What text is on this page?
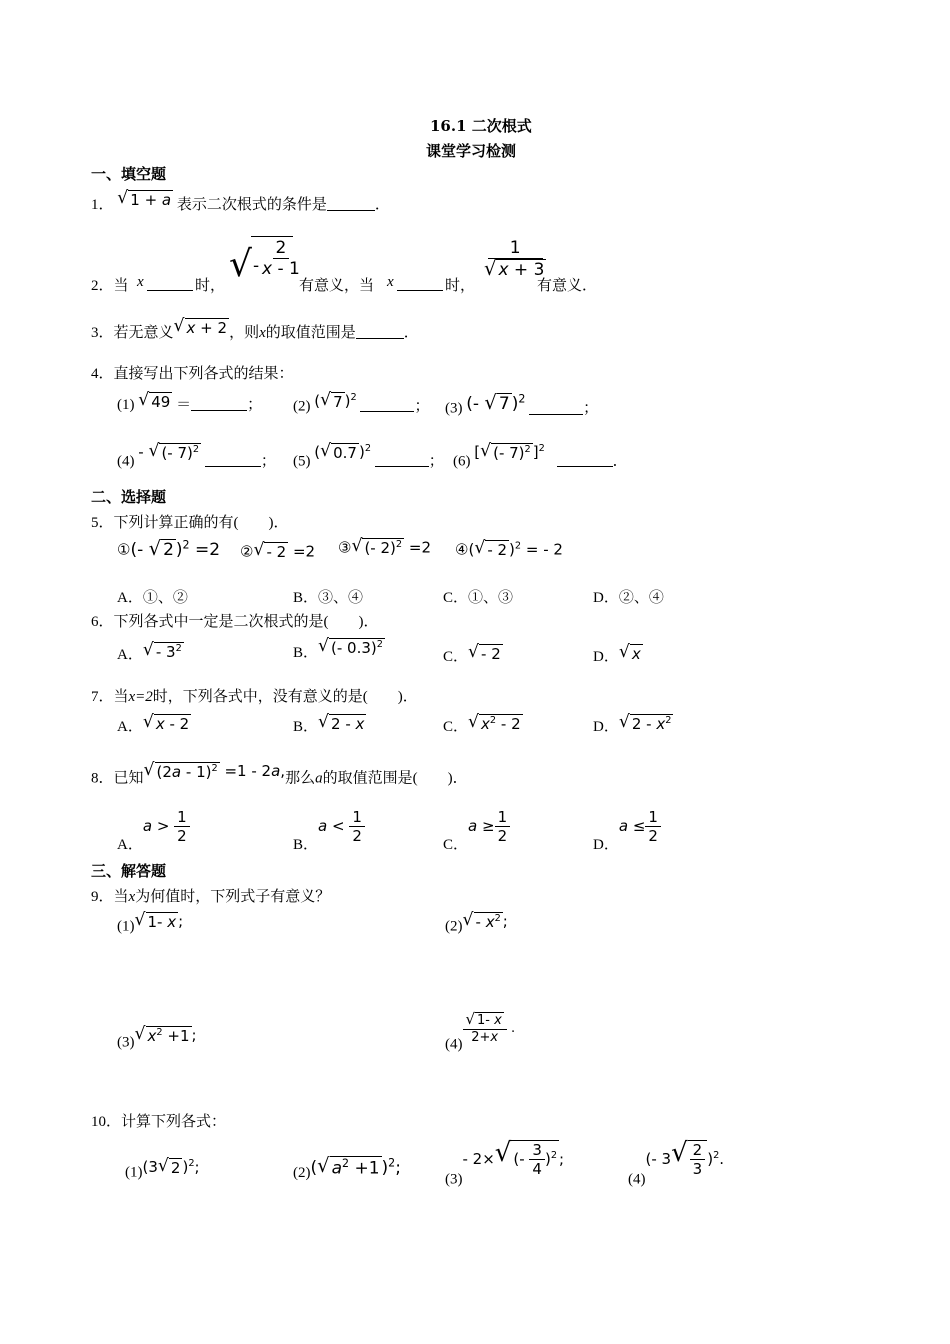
16.1 二次根式
课堂学习检测
一、填空题
1． √ 1 + a 表示二次根式的条件是	．
2．当 x	时，
√ - $\frac{2}{x - 1}$
有意义，当 x	时，
$\frac{1}{√ x + 3}$
有意义．
3．若无意义 √ x + 2 ，则x的取值范围是	．
4．直接写出下列各式的结果：
(1) √ 49 ＝	； (2) ( √ 7 )$^2$ ； (3) (- √ 7 )$^2$ ；
(4) - √ (- 7)$^2$
； (5) ( √ 0.7 )$^2$ ； (6) [ √ (- 7)$^2$ ]$^2$ ．
二、选择题
5．下列计算正确的有(　　)．
①(- √ 2 )$^2$ =2 ② √ - 2 =2 ③ √ (- 2)$^2$ =2 ④( √ - 2 )$^2$ = - 2
A．①、②	B．③、④	C．①、③	D．②、④
6．下列各式中一定是二次根式的是(　　)．
A． √ - $3^2$	B． √ (- 0.3)$^2$
C． √ - 2	D． √ x
7．当x=2时，下列各式中，没有意义的是(　　)．
A． √ x - 2	B． √ 2 - x	C． √ $x^2 - 2$	D． √ $2 - x^2$
8．已知 √ (2a - 1)$^2$ =1 - 2a,那么a的取值范围是(　　)．
A．$a > \frac{1}{2}$	B．$a < \frac{1}{2}$	C．$a \ge \frac{1}{2}$	D．$a \le \frac{1}{2}$
三、解答题
9．当x为何值时，下列式子有意义？
(1) √ 1- x ;	(2) √ - $x^2$ ;
(3) √ $x^2 +1$ ;
$(4) \frac{√ 1- x}{2+x}$ .
10．计算下列各式：
(1)(3 √ 2 )$^2$;	(2)( √ $a^2 +1$ )$^2$;
(3)- 2× √ (- $\frac{3}{4} )^2$ ;
(4)(- 3 √ $\frac{2}{3} )^2$.
